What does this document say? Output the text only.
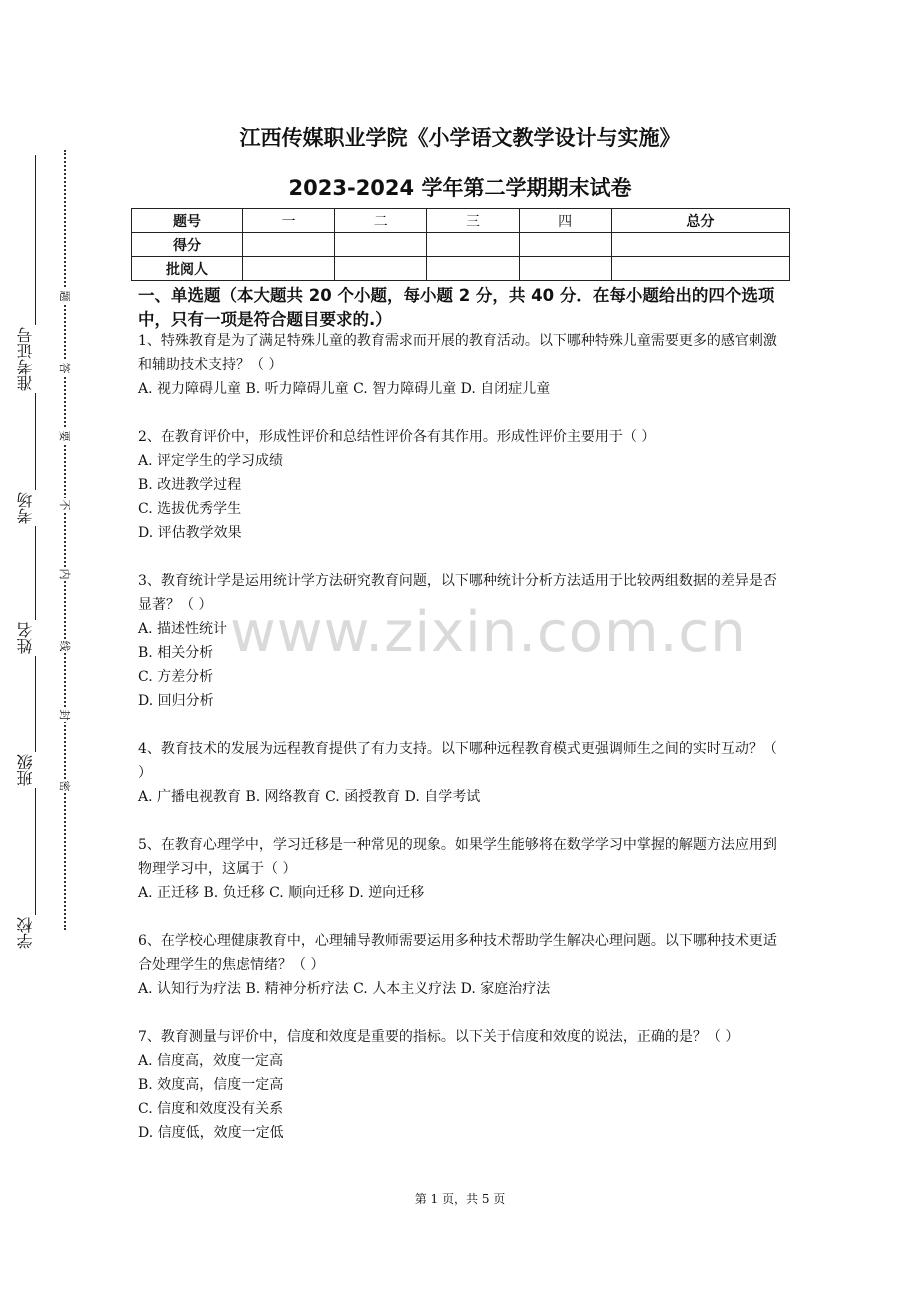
准考证号
考场
姓名
班级
学校
题
答
要
不
内
线
封
密
江西传媒职业学院《小学语文教学设计与实施》
2023-2024 学年第二学期期末试卷
题号	一	二	三	四	总分
得分					
批阅人					
一、单选题（本大题共 20 个小题，每小题 2 分，共 40 分．在每小题给出的四个选项中，只有一项是符合题目要求的.）

1、特殊教育是为了满足特殊儿童的教育需求而开展的教育活动。以下哪种特殊儿童需要更多的感官刺激和辅助技术支持？（ ）

A. 视力障碍儿童 B. 听力障碍儿童 C. 智力障碍儿童 D. 自闭症儿童

2、在教育评价中，形成性评价和总结性评价各有其作用。形成性评价主要用于（ ）

A. 评定学生的学习成绩

B. 改进教学过程

C. 选拔优秀学生

D. 评估教学效果

3、教育统计学是运用统计学方法研究教育问题，以下哪种统计分析方法适用于比较两组数据的差异是否显著？（ ）

A. 描述性统计

B. 相关分析

C. 方差分析

D. 回归分析

4、教育技术的发展为远程教育提供了有力支持。以下哪种远程教育模式更强调师生之间的实时互动？（ ）

A. 广播电视教育 B. 网络教育 C. 函授教育 D. 自学考试

5、在教育心理学中，学习迁移是一种常见的现象。如果学生能够将在数学学习中掌握的解题方法应用到物理学习中，这属于（ ）

A. 正迁移 B. 负迁移 C. 顺向迁移 D. 逆向迁移

6、在学校心理健康教育中，心理辅导教师需要运用多种技术帮助学生解决心理问题。以下哪种技术更适合处理学生的焦虑情绪？（ ）

A. 认知行为疗法 B. 精神分析疗法 C. 人本主义疗法 D. 家庭治疗法

7、教育测量与评价中，信度和效度是重要的指标。以下关于信度和效度的说法，正确的是？（ ）

A. 信度高，效度一定高

B. 效度高，信度一定高

C. 信度和效度没有关系

D. 信度低，效度一定低

www.zixin.com.cn
第 1 页，共 5 页
